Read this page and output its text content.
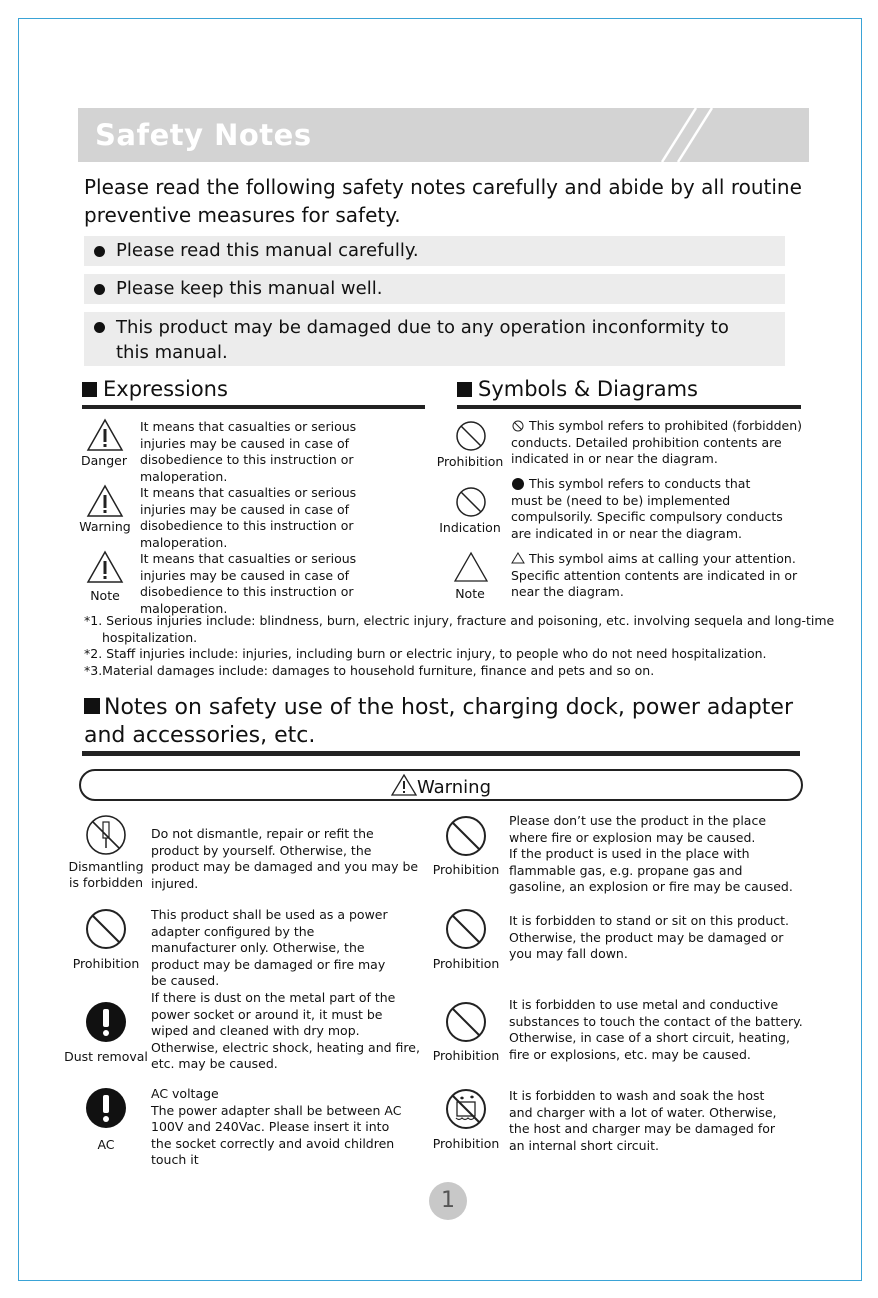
Safety Notes
Please read the following safety notes carefully and abide by all routine preventive measures for safety.
Please read this manual carefully.
Please keep this manual well.
This product may be damaged due to any operation inconformity to this manual.
Expressions	Symbols & Diagrams
Danger
It means that casualties or serious injuries may be caused in case of disobedience to this instruction or maloperation.
Warning
It means that casualties or serious injuries may be caused in case of disobedience to this instruction or maloperation.
Note
It means that casualties or serious injuries may be caused in case of disobedience to this instruction or maloperation.
Prohibition
This symbol refers to prohibited (forbidden) conducts. Detailed prohibition contents are indicated in or near the diagram.
Indication
This symbol refers to conducts that must be (need to be) implemented compulsorily. Specific compulsory conducts are indicated in or near the diagram.
Note
This symbol aims at calling your attention. Specific attention contents are indicated in or near the diagram.
*1. Serious injuries include: blindness, burn, electric injury, fracture and poisoning, etc. involving sequela and long-time hospitalization.
*2. Staff injuries include: injuries, including burn or electric injury, to people who do not need hospitalization.
*3.Material damages include: damages to household furniture, finance and pets and so on.
Notes on safety use of the host, charging dock, power adapter and accessories, etc.
Warning
Dismantling is forbidden
Do not dismantle, repair or refit the product by yourself. Otherwise, the product may be damaged and you may be injured.
Prohibition
This product shall be used as a power adapter configured by the manufacturer only. Otherwise, the product may be damaged or fire may be caused.
Dust removal
If there is dust on the metal part of the power socket or around it, it must be wiped and cleaned with dry mop. Otherwise, electric shock, heating and fire, etc. may be caused.
AC
AC voltage
The power adapter shall be between AC 100V and 240Vac. Please insert it into the socket correctly and avoid children touch it
Prohibition
Please don’t use the product in the place where fire or explosion may be caused.
If the product is used in the place with flammable gas, e.g. propane gas and gasoline, an explosion or fire may be caused.
Prohibition
It is forbidden to stand or sit on this product. Otherwise, the product may be damaged or you may fall down.
Prohibition
It is forbidden to use metal and conductive substances to touch the contact of the battery. Otherwise, in case of a short circuit, heating, fire or explosions, etc. may be caused.
Prohibition
It is forbidden to wash and soak the host and charger with a lot of water. Otherwise, the host and charger may be damaged for an internal short circuit.
1
